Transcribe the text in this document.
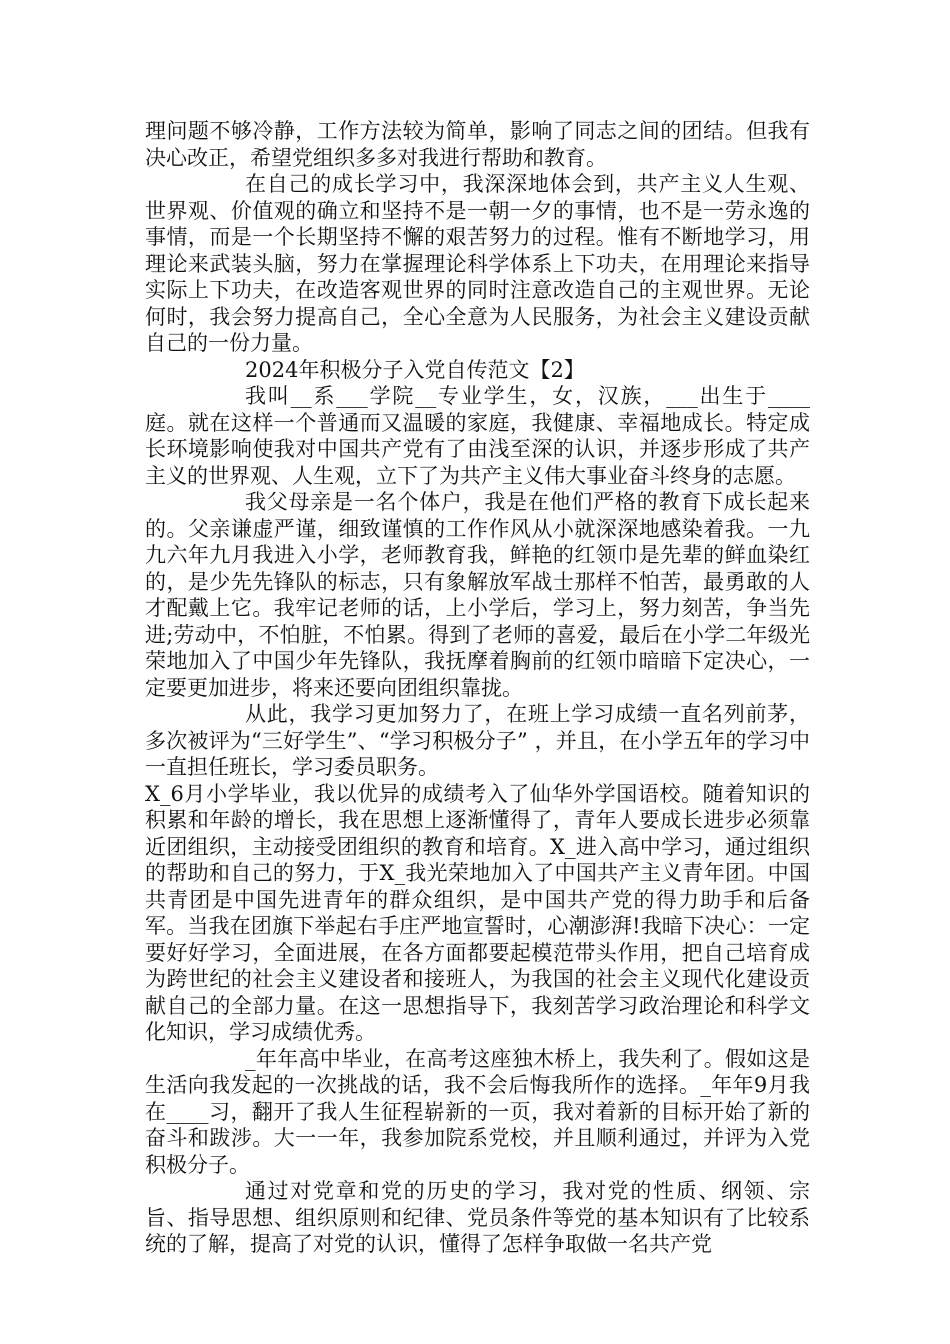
理问题不够冷静，工作方法较为简单，影响了同志之间的团结。但我有决心改正，希望党组织多多对我进行帮助和教育。

在自己的成长学习中，我深深地体会到，共产主义人生观、世界观、价值观的确立和坚持不是一朝一夕的事情，也不是一劳永逸的事情，而是一个长期坚持不懈的艰苦努力的过程。惟有不断地学习，用理论来武装头脑，努力在掌握理论科学体系上下功夫，在用理论来指导实际上下功夫，在改造客观世界的同时注意改造自己的主观世界。无论何时，我会努力提高自己，全心全意为人民服务，为社会主义建设贡献自己的一份力量。

2024年积极分子入党自传范文【2】

我叫__系___学院__专业学生，女，汉族，___出生于____庭。就在这样一个普通而又温暖的家庭，我健康、幸福地成长。特定成长环境影响使我对中国共产党有了由浅至深的认识，并逐步形成了共产主义的世界观、人生观，立下了为共产主义伟大事业奋斗终身的志愿。

我父母亲是一名个体户，我是在他们严格的教育下成长起来的。父亲谦虚严谨，细致谨慎的工作作风从小就深深地感染着我。一九九六年九月我进入小学，老师教育我，鲜艳的红领巾是先辈的鲜血染红的，是少先先锋队的标志，只有象解放军战士那样不怕苦，最勇敢的人才配戴上它。我牢记老师的话，上小学后，学习上，努力刻苦，争当先进;劳动中，不怕脏，不怕累。得到了老师的喜爱，最后在小学二年级光荣地加入了中国少年先锋队，我抚摩着胸前的红领巾暗暗下定决心，一定要更加进步，将来还要向团组织靠拢。

从此，我学习更加努力了，在班上学习成绩一直名列前茅，多次被评为“三好学生”、“学习积极分子” ，并且，在小学五年的学习中一直担任班长，学习委员职务。

X_6月小学毕业，我以优异的成绩考入了仙华外学国语校。随着知识的积累和年龄的增长，我在思想上逐渐懂得了，青年人要成长进步必须靠近团组织，主动接受团组织的教育和培育。X_进入高中学习，通过组织的帮助和自己的努力，于X_我光荣地加入了中国共产主义青年团。中国共青团是中国先进青年的群众组织，是中国共产党的得力助手和后备军。当我在团旗下举起右手庄严地宣誓时，心潮澎湃!我暗下决心：一定要好好学习，全面进展，在各方面都要起模范带头作用，把自己培育成为跨世纪的社会主义建设者和接班人，为我国的社会主义现代化建设贡献自己的全部力量。在这一思想指导下，我刻苦学习政治理论和科学文化知识，学习成绩优秀。

_年年高中毕业，在高考这座独木桥上，我失利了。假如这是生活向我发起的一次挑战的话，我不会后悔我所作的选择。_年年9月我在____习，翻开了我人生征程崭新的一页，我对着新的目标开始了新的奋斗和跋涉。大一一年，我参加院系党校，并且顺利通过，并评为入党积极分子。

通过对党章和党的历史的学习，我对党的性质、纲领、宗旨、指导思想、组织原则和纪律、党员条件等党的基本知识有了比较系统的了解，提高了对党的认识，懂得了怎样争取做一名共产党
